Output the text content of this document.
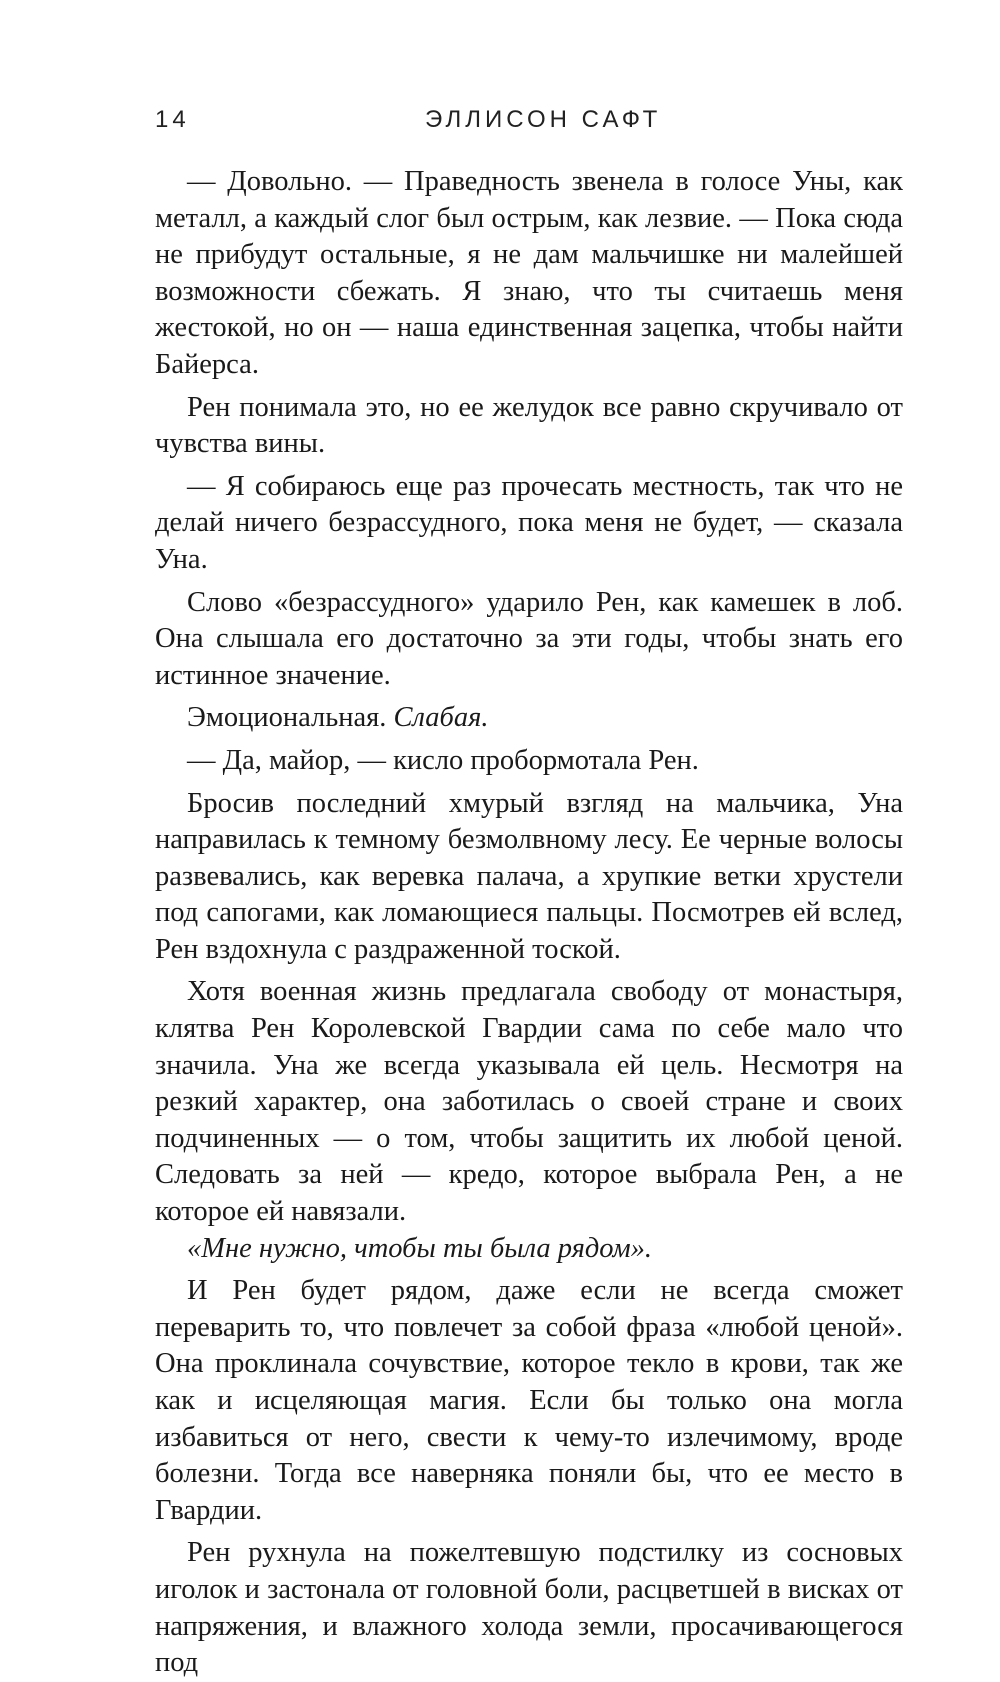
14	ЭЛЛИСОН САФТ

— Довольно. — Праведность звенела в голосе Уны, как металл, а каждый слог был острым, как лезвие. — Пока сюда не прибудут остальные, я не дам мальчишке ни малейшей возможности сбежать. Я знаю, что ты считаешь меня жестокой, но он — наша единственная зацепка, чтобы найти Байерса.

Рен понимала это, но ее желудок все равно скручивало от чувства вины.

— Я собираюсь еще раз прочесать местность, так что не делай ничего безрассудного, пока меня не будет, — сказала Уна.

Слово «безрассудного» ударило Рен, как камешек в лоб. Она слышала его достаточно за эти годы, чтобы знать его истинное значение.

Эмоциональная. Слабая.

— Да, майор, — кисло пробормотала Рен.

Бросив последний хмурый взгляд на мальчика, Уна направилась к темному безмолвному лесу. Ее черные волосы развевались, как веревка палача, а хрупкие ветки хрустели под сапогами, как ломающиеся пальцы. Посмотрев ей вслед, Рен вздохнула с раздраженной тоской.

Хотя военная жизнь предлагала свободу от монастыря, клятва Рен Королевской Гвардии сама по себе мало что значила. Уна же всегда указывала ей цель. Несмотря на резкий характер, она заботилась о своей стране и своих подчиненных — о том, чтобы защитить их любой ценой. Следовать за ней — кредо, которое выбрала Рен, а не которое ей навязали.

«Мне нужно, чтобы ты была рядом».

И Рен будет рядом, даже если не всегда сможет переварить то, что повлечет за собой фраза «любой ценой». Она проклинала сочувствие, которое текло в крови, так же как и исцеляющая магия. Если бы только она могла избавиться от него, свести к чему-то излечимому, вроде болезни. Тогда все наверняка поняли бы, что ее место в Гвардии.

Рен рухнула на пожелтевшую подстилку из сосновых иголок и застонала от головной боли, расцветшей в висках от напряжения, и влажного холода земли, просачивающегося под
